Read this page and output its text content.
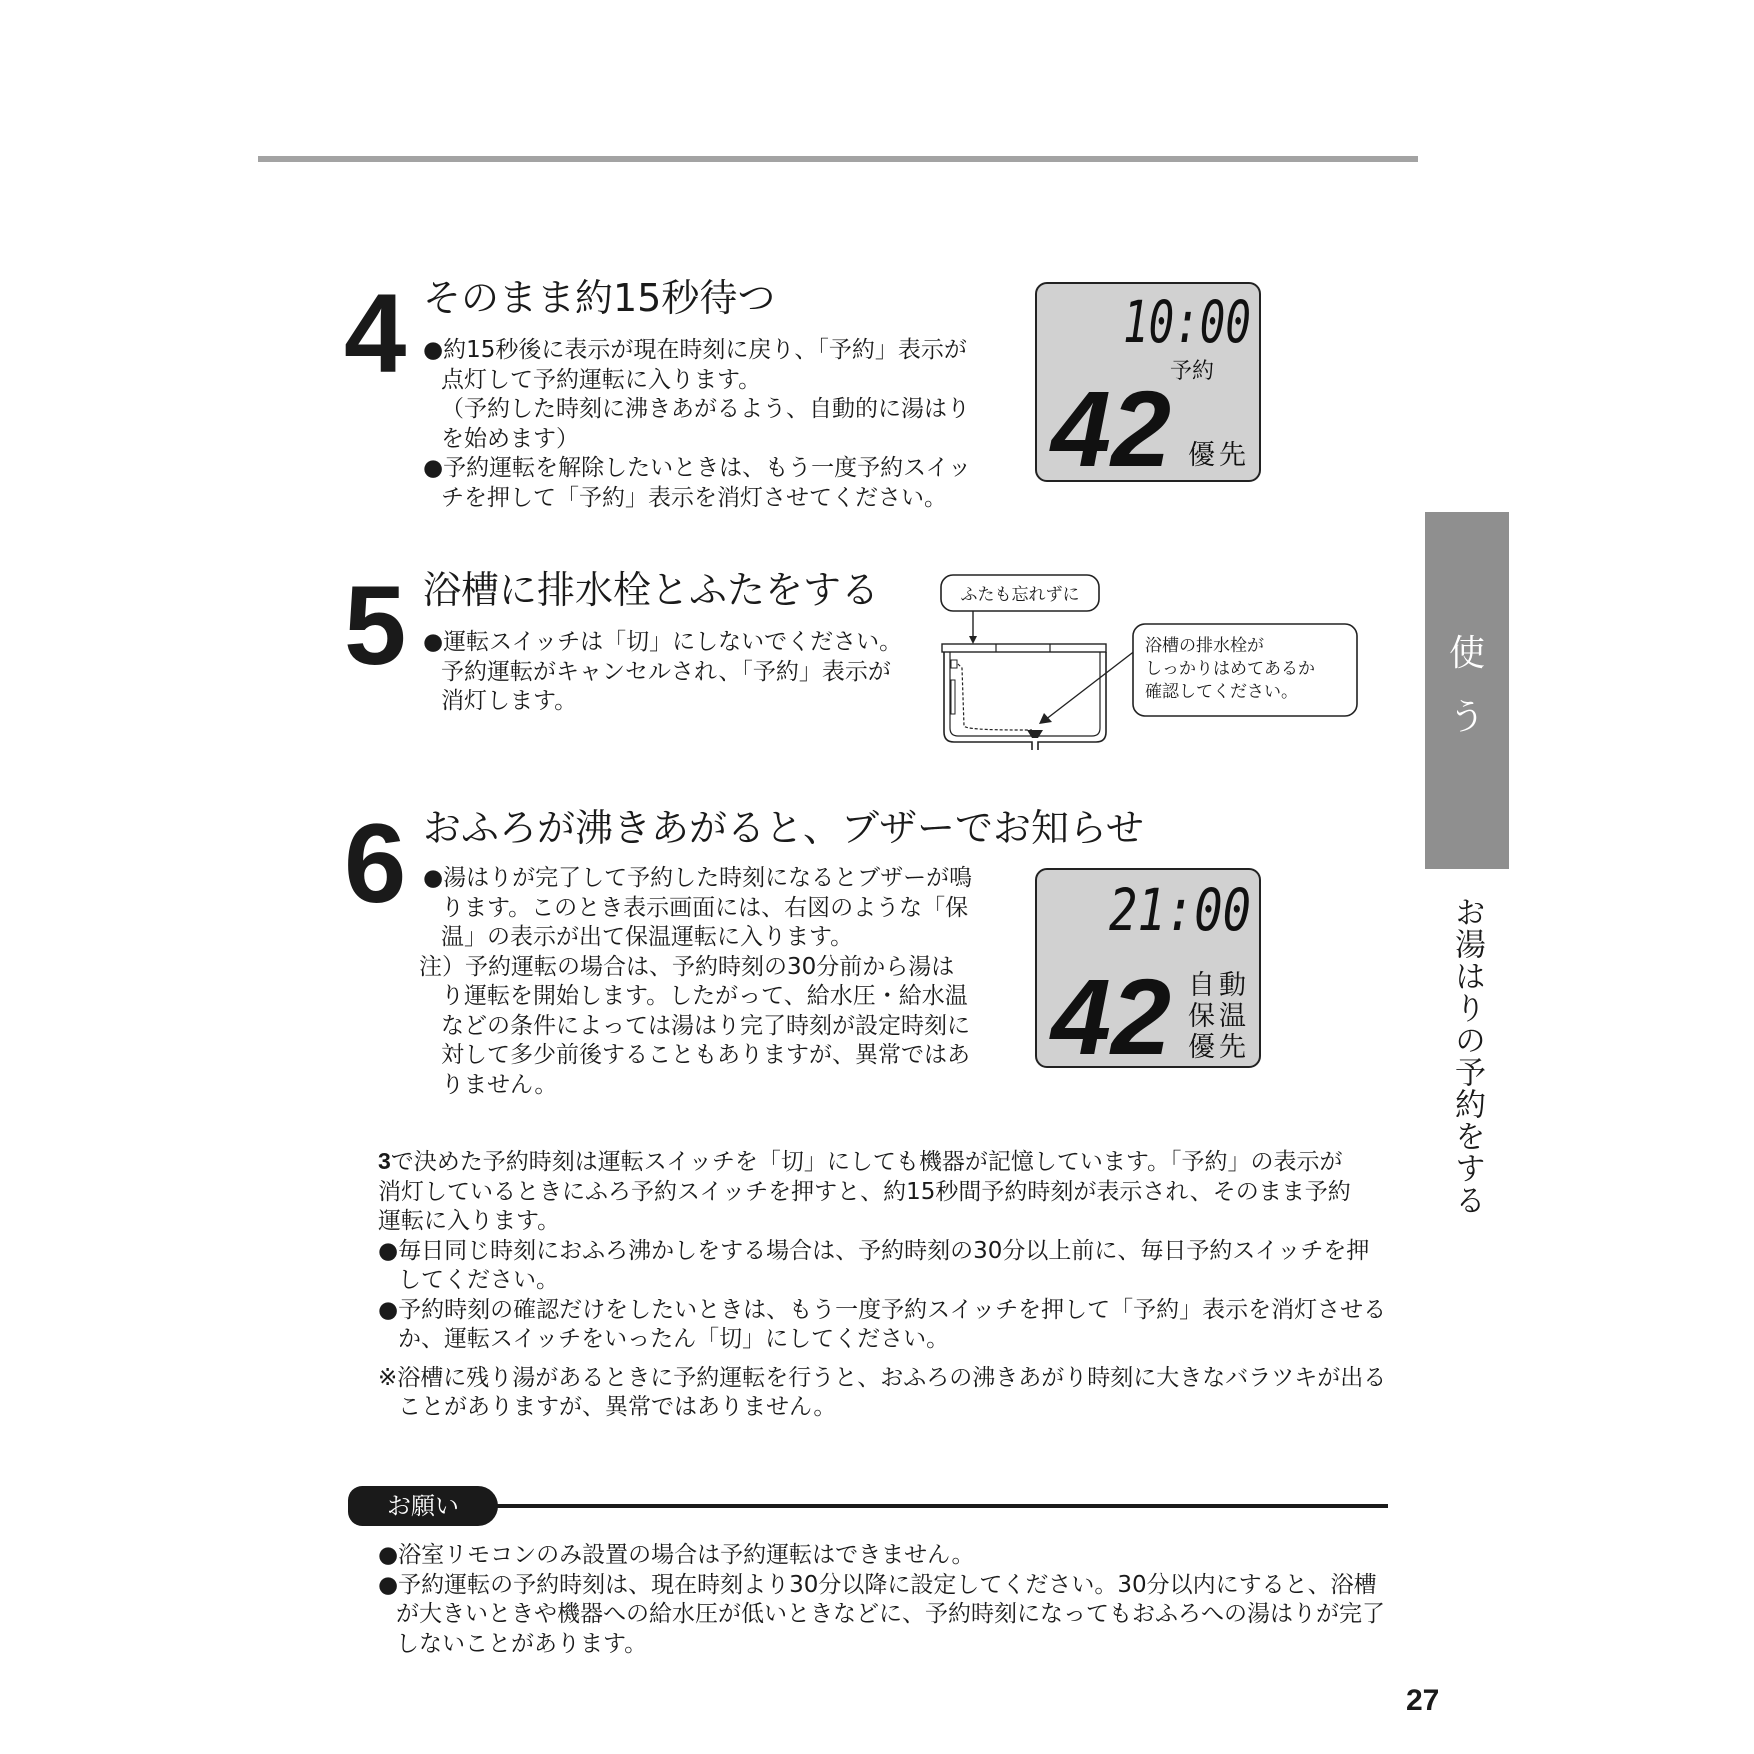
4 そのまま約15秒待つ

●約15秒後に表示が現在時刻に戻り、「予約」表示が

点灯して予約運転に入ります。

（予約した時刻に沸きあがるよう、自動的に湯はり

を始めます）

●予約運転を解除したいときは、もう一度予約スイッ

チを押して「予約」表示を消灯させてください。

10:00
予約
42 優先
5 浴槽に排水栓とふたをする

●運転スイッチは「切」にしないでください。

予約運転がキャンセルされ、「予約」表示が

消灯します。

ふたも忘れずに
浴槽の排水栓が
しっかりはめてあるか
確認してください。
6 おふろが沸きあがると、ブザーでお知らせ

●湯はりが完了して予約した時刻になるとブザーが鳴

ります。このとき表示画面には、右図のような「保

温」の表示が出て保温運転に入ります。

注）予約運転の場合は、予約時刻の30分前から湯は

り運転を開始します。したがって、給水圧・給水温

などの条件によっては湯はり完了時刻が設定時刻に

対して多少前後することもありますが、異常ではあ

りません。

21:00
42 自動
保温
優先
使
う
お湯はりの予約をする

3で決めた予約時刻は運転スイッチを「切」にしても機器が記憶しています。「予約」の表示が

消灯しているときにふろ予約スイッチを押すと、約15秒間予約時刻が表示され、そのまま予約

運転に入ります。

●毎日同じ時刻におふろ沸かしをする場合は、予約時刻の30分以上前に、毎日予約スイッチを押してください。

●予約時刻の確認だけをしたいときは、もう一度予約スイッチを押して「予約」表示を消灯させるか、運転スイッチをいったん「切」にしてください。

※浴槽に残り湯があるときに予約運転を行うと、おふろの沸きあがり時刻に大きなバラツキが出ることがありますが、異常ではありません。

お願い

●浴室リモコンのみ設置の場合は予約運転はできません。

●予約運転の予約時刻は、現在時刻より30分以降に設定してください。30分以内にすると、浴槽が大きいときや機器への給水圧が低いときなどに、予約時刻になってもおふろへの湯はりが完了しないことがあります。

27
